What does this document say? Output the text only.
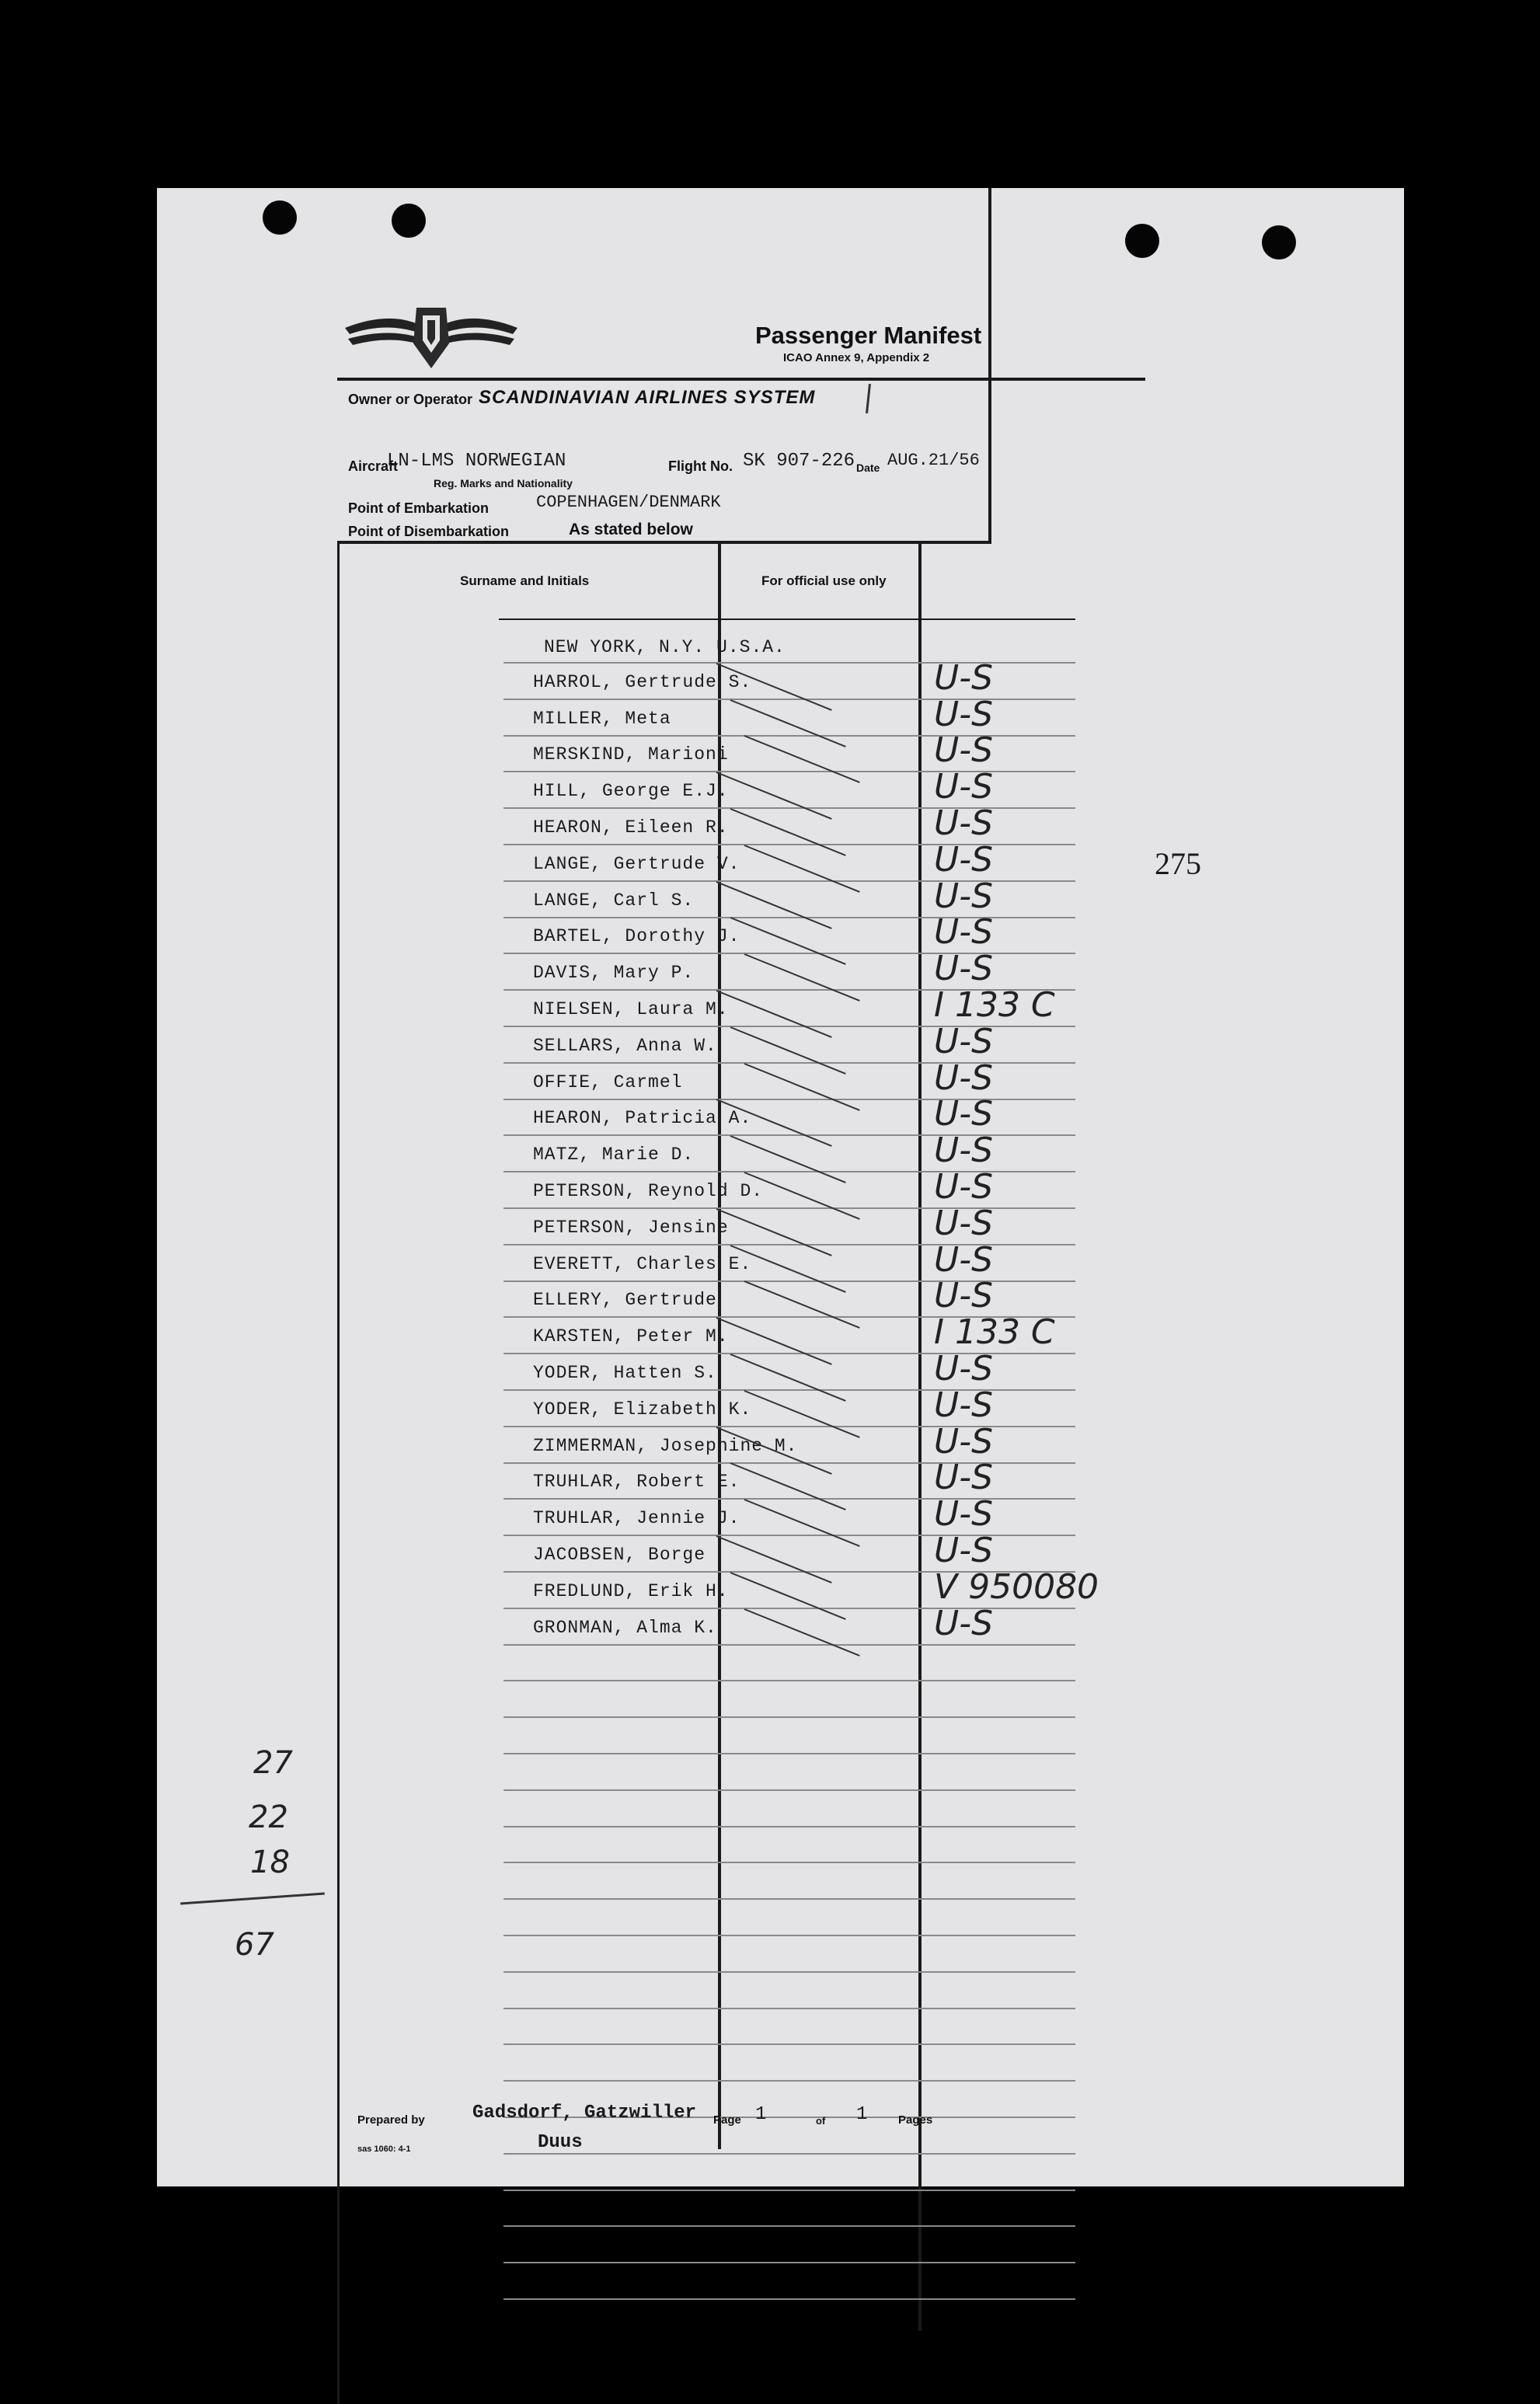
Passenger Manifest
ICAO Annex 9, Appendix 2
Owner or Operator SCANDINAVIAN AIRLINES SYSTEM
Aircraft
LN-LMS NORWEGIAN
Reg. Marks and Nationality
Flight No. SK 907-226 Date AUG.21/56
Point of Embarkation	COPENHAGEN/DENMARK
Point of Disembarkation	As stated below
Surname and Initials	For official use only
HARROL, Gertrude S.	U-S
MILLER, Meta	U-S
MERSKIND, Marioni	U-S
HILL, George E.J.	U-S
HEARON, Eileen R.	U-S
LANGE, Gertrude V.	U-S
LANGE, Carl S.	U-S
BARTEL, Dorothy J.	U-S
DAVIS, Mary P.	U-S
NIELSEN, Laura M.	I 133 C
SELLARS, Anna W.	U-S
OFFIE, Carmel	U-S
HEARON, Patricia A.	U-S
MATZ, Marie D.	U-S
PETERSON, Reynold D.	U-S
PETERSON, Jensine	U-S
EVERETT, Charles E.	U-S
ELLERY, Gertrude	U-S
KARSTEN, Peter M.	I 133 C
YODER, Hatten S.	U-S
YODER, Elizabeth K.	U-S
ZIMMERMAN, Josephine M.	U-S
TRUHLAR, Robert E.	U-S
TRUHLAR, Jennie J.	U-S
JACOBSEN, Borge	U-S
FREDLUND, Erik H.	V 950080
GRONMAN, Alma K.	U-S
NEW YORK, N.Y. U.S.A.
275
27
22
18
67
Prepared by	Gadsdorf, Gatzwiller
Duus
Page 1	of 1	Pages
sas 1060: 4-1
